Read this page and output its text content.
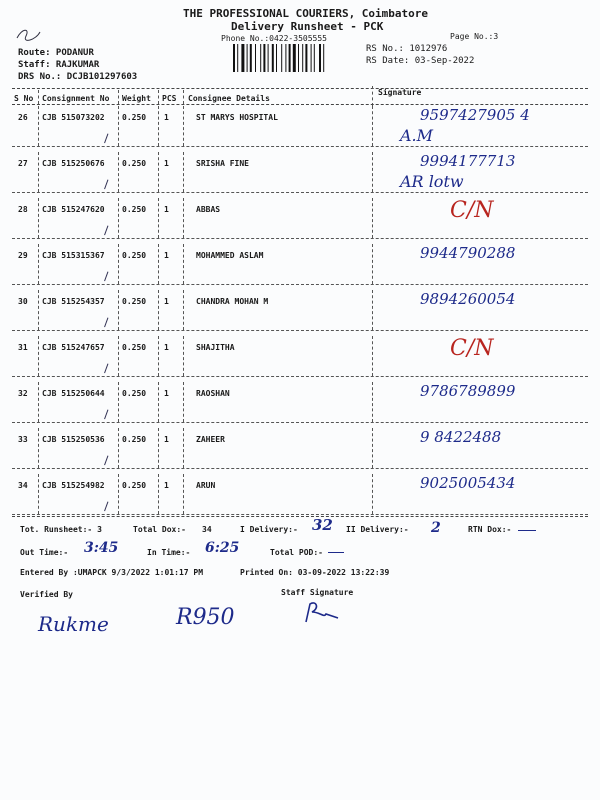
THE PROFESSIONAL COURIERS, Coimbatore
Delivery Runsheet - PCK
Phone No.:0422-3505555	Page No.:3
Route: PODANUR
Staff: RAJKUMAR
DRS No.: DCJB101297603
RS No.: 1012976
RS Date: 03-Sep-2022
S No Consignment No Weight PCS Consignee Details
Signature
26 CJB 515073202 0.250 1	ST MARYS HOSPITAL	9597427905 4
A.M
27 CJB 515250676 0.250 1	SRISHA FINE	9994177713
AR lotw
28 CJB 515247620 0.250 1	ABBAS	C/N
29 CJB 515315367 0.250 1	MOHAMMED ASLAM	9944790288
30 CJB 515254357 0.250 1	CHANDRA MOHAN M	9894260054
31 CJB 515247657 0.250 1	SHAJITHA	C/N
32 CJB 515250644 0.250 1	RAOSHAN	9786789899
33 CJB 515250536 0.250 1	ZAHEER	9 8422488
34 CJB 515254982 0.250 1	ARUN	9025005434
Tot. Runsheet:- 3	Total Dox:- 34	I Delivery:- 32 II Delivery:- 2	RTN Dox:-
Out Time:- 3:45	In Time:- 6:25	Total POD:-
Entered By :UMAPCK 9/3/2022 1:01:17 PM	Printed On: 03-09-2022 13:22:39
Verified By	Staff Signature
Rukme	R950
